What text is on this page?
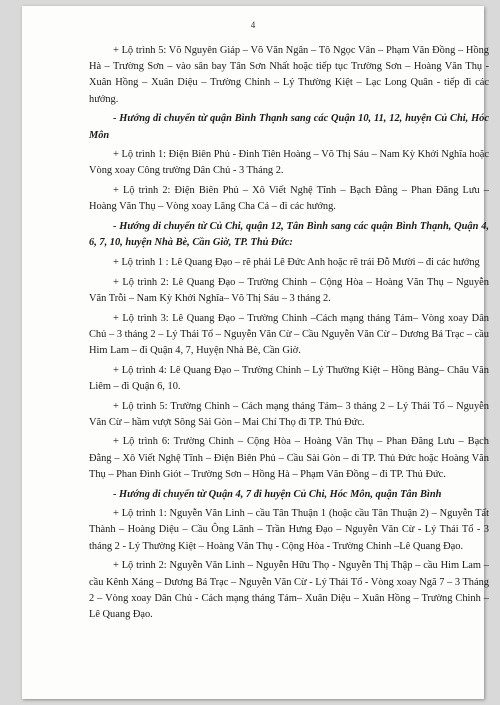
4

+ Lộ trình 5: Võ Nguyên Giáp – Võ Văn Ngân – Tô Ngọc Vân – Phạm Văn Đồng – Hồng Hà – Trường Sơn – vào sân bay Tân Sơn Nhất hoặc tiếp tục Trường Sơn – Hoàng Văn Thụ - Xuân Hồng – Xuân Diệu – Trường Chinh – Lý Thường Kiệt – Lạc Long Quân - tiếp đi các hướng.

- Hướng di chuyển từ quận Bình Thạnh sang các Quận 10, 11, 12, huyện Củ Chi, Hóc Môn

+ Lộ trình 1: Điện Biên Phủ - Đinh Tiên Hoàng – Võ Thị Sáu – Nam Kỳ Khởi Nghĩa hoặc Vòng xoay Công trường Dân Chủ - 3 Tháng 2.

+ Lộ trình 2: Điện Biên Phủ – Xô Viết Nghệ Tĩnh – Bạch Đằng – Phan Đăng Lưu – Hoàng Văn Thụ – Vòng xoay Lăng Cha Cả – đi các hướng.

- Hướng di chuyển từ Củ Chi, quận 12, Tân Bình sang các quận Bình Thạnh, Quận 4, 6, 7, 10, huyện Nhà Bè, Cần Giờ, TP. Thủ Đức:

+ Lộ trình 1 : Lê Quang Đạo – rẽ phải Lê Đức Anh hoặc rẽ trái Đỗ Mười – đi các hướng

+ Lộ trình 2: Lê Quang Đạo – Trường Chinh – Cộng Hòa – Hoàng Văn Thụ – Nguyễn Văn Trỗi – Nam Kỳ Khởi Nghĩa– Võ Thị Sáu – 3 tháng 2.

+ Lộ trình 3: Lê Quang Đạo – Trường Chinh –Cách mạng tháng Tám– Vòng xoay Dân Chủ – 3 tháng 2 – Lý Thái Tổ – Nguyễn Văn Cừ – Cầu Nguyễn Văn Cừ – Dương Bá Trạc – cầu Him Lam – đi Quận 4, 7, Huyện Nhà Bè, Cần Giờ.

+ Lộ trình 4: Lê Quang Đạo – Trường Chinh – Lý Thường Kiệt – Hồng Bàng– Châu Văn Liêm – đi Quận 6, 10.

+ Lộ trình 5: Trường Chinh – Cách mạng tháng Tám– 3 tháng 2 – Lý Thái Tổ – Nguyễn Văn Cừ – hầm vượt Sông Sài Gòn – Mai Chí Thọ đi TP. Thủ Đức.

+ Lộ trình 6: Trường Chinh – Cộng Hòa – Hoàng Văn Thụ – Phan Đăng Lưu – Bạch Đằng – Xô Viết Nghệ Tĩnh – Điện Biên Phủ – Cầu Sài Gòn – đi TP. Thủ Đức hoặc Hoàng Văn Thụ – Phan Đình Giót – Trường Sơn – Hồng Hà – Phạm Văn Đồng – đi TP. Thủ Đức.

- Hướng di chuyển từ Quận 4, 7 đi huyện Củ Chi, Hóc Môn, quận Tân Bình

+ Lộ trình 1: Nguyễn Văn Linh – cầu Tân Thuận 1 (hoặc cầu Tân Thuận 2) – Nguyễn Tất Thành – Hoàng Diệu – Cầu Ông Lãnh – Trần Hưng Đạo – Nguyễn Văn Cừ - Lý Thái Tổ - 3 tháng 2 - Lý Thường Kiệt – Hoàng Văn Thụ - Cộng Hòa - Trường Chinh –Lê Quang Đạo.

+ Lộ trình 2: Nguyễn Văn Linh – Nguyễn Hữu Thọ - Nguyễn Thị Thập – cầu Him Lam – cầu Kênh Xáng – Dương Bá Trạc – Nguyễn Văn Cừ - Lý Thái Tổ - Vòng xoay Ngã 7 – 3 Tháng 2 – Vòng xoay Dân Chủ - Cách mạng tháng Tám– Xuân Diệu – Xuân Hồng – Trường Chinh –Lê Quang Đạo.
